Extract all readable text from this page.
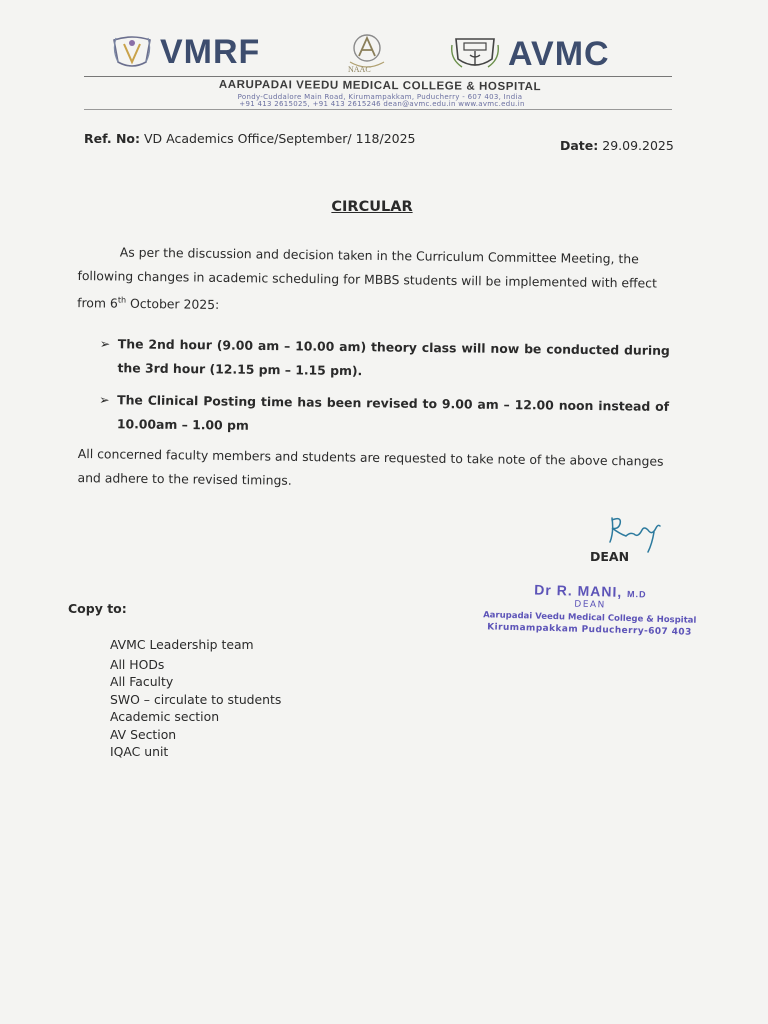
VMRF	NAAC	AVMC
AARUPADAI VEEDU MEDICAL COLLEGE & HOSPITAL
Pondy-Cuddalore Main Road, Kirumampakkam, Puducherry - 607 403, India
+91 413 2615025, +91 413 2615246 dean@avmc.edu.in www.avmc.edu.in
Ref. No: VD Academics Office/September/ 118/2025	Date: 29.09.2025
CIRCULAR
As per the discussion and decision taken in the Curriculum Committee Meeting, the following changes in academic scheduling for MBBS students will be implemented with effect from 6th October 2025:
➢ The 2nd hour (9.00 am – 10.00 am) theory class will now be conducted during the 3rd hour (12.15 pm – 1.15 pm).
➢ The Clinical Posting time has been revised to 9.00 am – 12.00 noon instead of 10.00am – 1.00 pm
All concerned faculty members and students are requested to take note of the above changes and adhere to the revised timings.
DEAN
Dr R. MANI, M.D
DEAN
Aarupadai Veedu Medical College & Hospital
Kirumampakkam Puducherry-607 403
Copy to:
AVMC Leadership team
All HODs
All Faculty
SWO – circulate to students
Academic section
AV Section
IQAC unit
